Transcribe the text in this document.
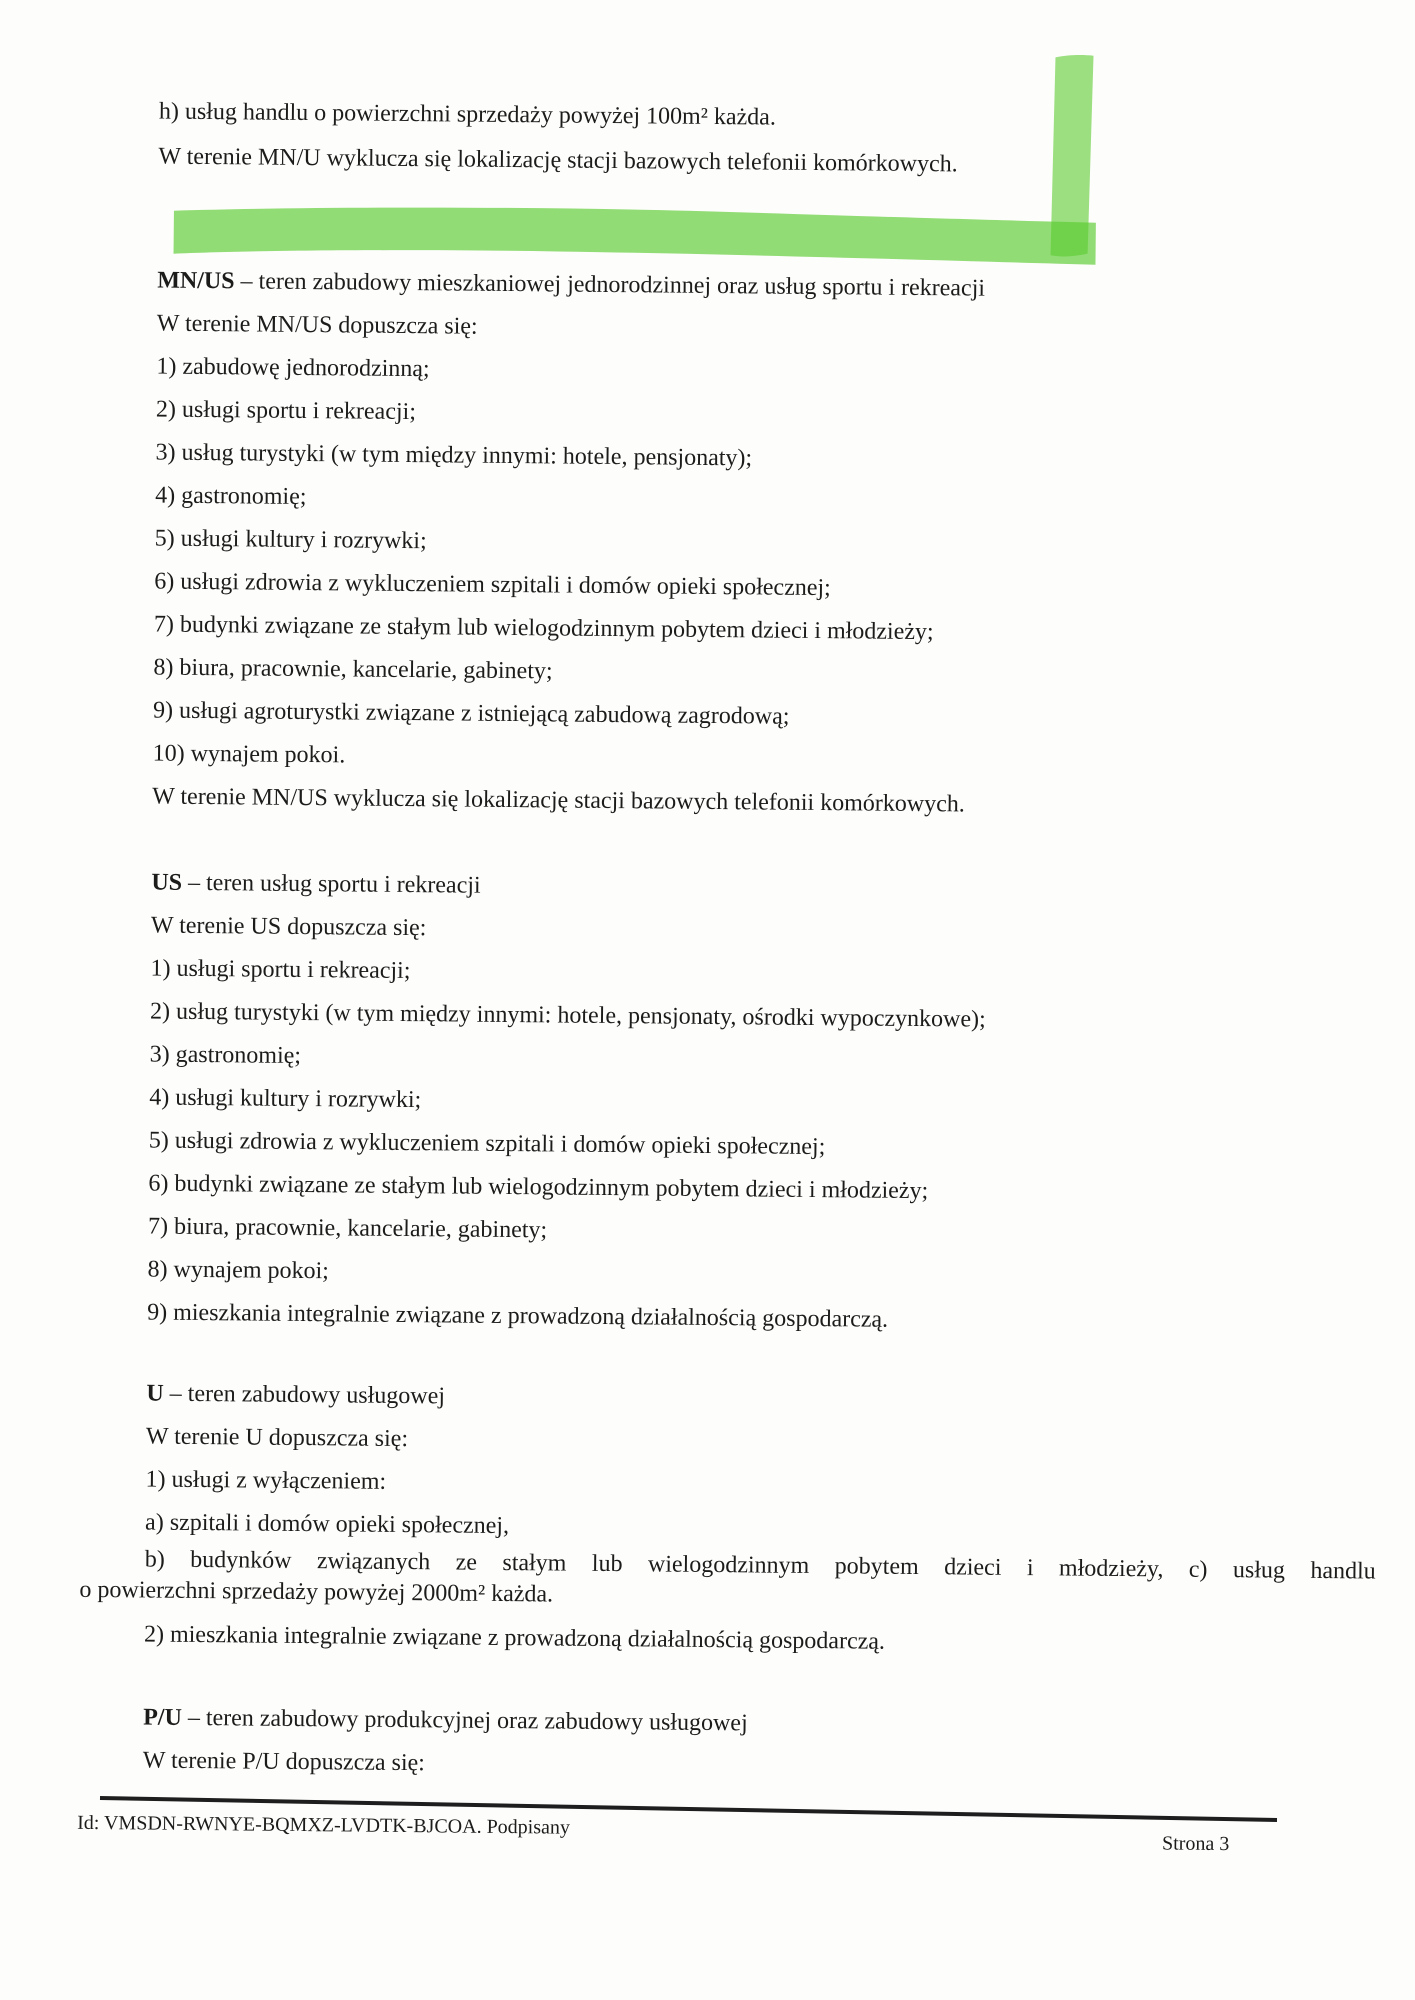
h) usług handlu o powierzchni sprzedaży powyżej 100m² każda.
W terenie MN/U wyklucza się lokalizację stacji bazowych telefonii komórkowych.
MN/US – teren zabudowy mieszkaniowej jednorodzinnej oraz usług sportu i rekreacji
W terenie MN/US dopuszcza się:
1) zabudowę jednorodzinną;
2) usługi sportu i rekreacji;
3) usług turystyki (w tym między innymi: hotele, pensjonaty);
4) gastronomię;
5) usługi kultury i rozrywki;
6) usługi zdrowia z wykluczeniem szpitali i domów opieki społecznej;
7) budynki związane ze stałym lub wielogodzinnym pobytem dzieci i młodzieży;
8) biura, pracownie, kancelarie, gabinety;
9) usługi agroturystki związane z istniejącą zabudową zagrodową;
10) wynajem pokoi.
W terenie MN/US wyklucza się lokalizację stacji bazowych telefonii komórkowych.
US – teren usług sportu i rekreacji
W terenie US dopuszcza się:
1) usługi sportu i rekreacji;
2) usług turystyki (w tym między innymi: hotele, pensjonaty, ośrodki wypoczynkowe);
3) gastronomię;
4) usługi kultury i rozrywki;
5) usługi zdrowia z wykluczeniem szpitali i domów opieki społecznej;
6) budynki związane ze stałym lub wielogodzinnym pobytem dzieci i młodzieży;
7) biura, pracownie, kancelarie, gabinety;
8) wynajem pokoi;
9) mieszkania integralnie związane z prowadzoną działalnością gospodarczą.
U – teren zabudowy usługowej
W terenie U dopuszcza się:
1) usługi z wyłączeniem:
a) szpitali i domów opieki społecznej,
b) budynków związanych ze stałym lub wielogodzinnym pobytem dzieci i młodzieży, c) usług handlu
o powierzchni sprzedaży powyżej 2000m² każda.
2) mieszkania integralnie związane z prowadzoną działalnością gospodarczą.
P/U – teren zabudowy produkcyjnej oraz zabudowy usługowej
W terenie P/U dopuszcza się:
Id: VMSDN-RWNYE-BQMXZ-LVDTK-BJCOA. Podpisany
Strona 3
